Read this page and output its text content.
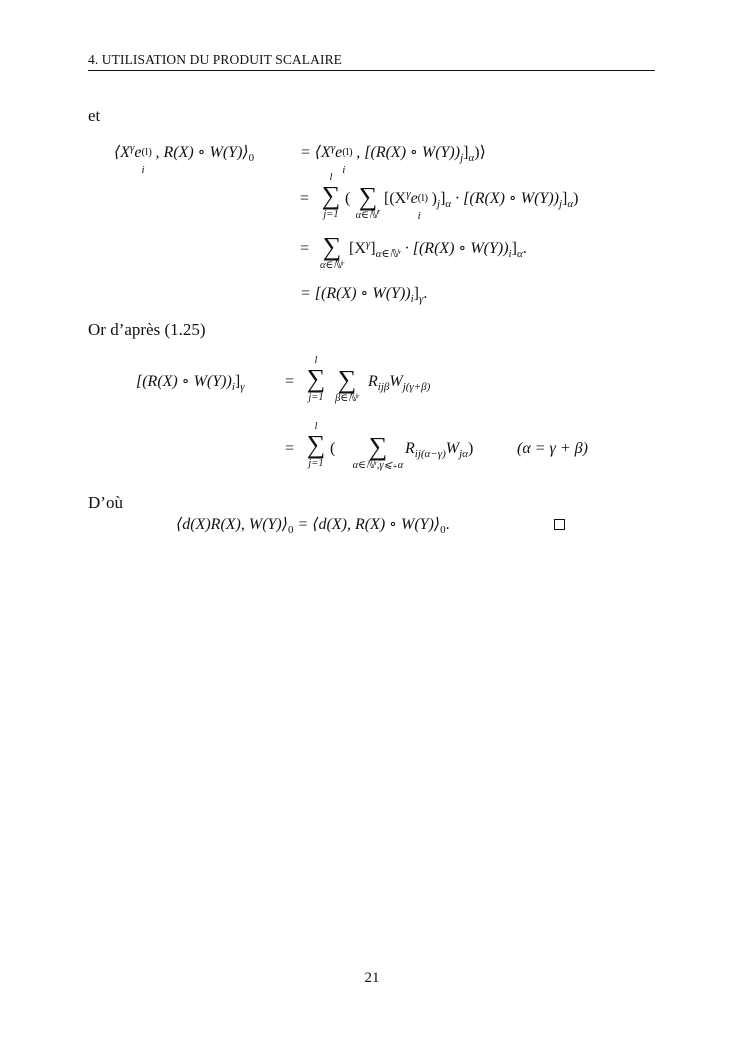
4. UTILISATION DU PRODUIT SCALAIRE
et
$⟨X^\gamma e$ (l)
i
, R(X) ∘ $W(Y)⟩_0$	= $⟨X^\gamma e$ (l)
i
, [(R(X) ∘ $W(Y))_j]_\alpha)⟩$
=
l
∑
j=1
( ∑
α∈ℕ$^r$
[($X^\gamma e$ (l)
i
)$_j]_\alpha \cdot [(R(X)$ ∘ $W(Y))_j]_\alpha$)
= ∑
α∈ℕʳ
$[X^\gamma]_{\alpha\in ℕʳ} \cdot [(R(X)$ ∘ $W(Y))_i]_\alpha$.
= [(R(X) ∘ $W(Y))_i]_\gamma$.
Or d’après (1.25)
[(R(X) ∘ $W(Y))_i]_\gamma$	=
l
∑
j=1
∑
β∈ℕʳ
$R_{ij\beta}W_{j(\gamma+\beta)}$
=
l
∑
j=1
(	∑
α∈ℕʳ,γ⩽₊α
$R_{ij(\alpha-\gamma)}W_{j\alpha}$)	(α = γ + β)
D’où
⟨d(X)R(X), $W(Y)⟩_0$ = ⟨d(X), R(X) ∘ $W(Y)⟩_0$.
21
